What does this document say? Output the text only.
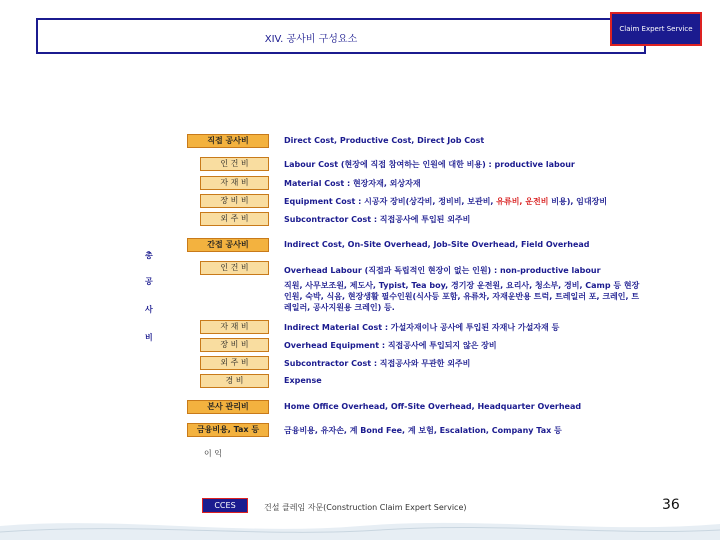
XIV. 공사비 구성요소
Claim Expert Service
총
공
사
비
직접 공사비	Direct Cost, Productive Cost, Direct Job Cost
인 건 비	Labour Cost (현장에 직접 참여하는 인원에 대한 비용) : productive labour
자 재 비	Material Cost : 현장자재, 외상자재
장 비 비	Equipment Cost : 시공자 장비(상각비, 정비비, 보관비, 유류비, 운전비 비용), 임대장비
외 주 비	Subcontractor Cost : 직접공사에 투입된 외주비
간접 공사비	Indirect Cost, On-Site Overhead, Job-Site Overhead, Field Overhead
인 건 비	Overhead Labour (직접과 독립적인 현장이 없는 인원) : non-productive labour
직원, 사무보조원, 제도사, Typist, Tea boy, 경기장 운전원, 요리사, 청소부, 경비, Camp 등 현장인원, 숙박, 식음, 현장생활 필수인원(식사등 포함, 유류차, 자재운반용 트럭, 트레일러 포, 크레인, 트레일러, 공사지원용 크레인) 등.
자 재 비	Indirect Material Cost : 가설자재이나 공사에 투입된 자재나 가설자재 등
장 비 비	Overhead Equipment : 직접공사에 투입되지 않은 장비
외 주 비	Subcontractor Cost : 직접공사와 무관한 외주비
경 비	Expense
본사 관리비	Home Office Overhead, Off-Site Overhead, Headquarter Overhead
금융비용, Tax 등	금융비용, 유자손, 계 Bond Fee, 계 보험, Escalation, Company Tax 등
이 익
CCES	건설 클레임 자문(Construction Claim Expert Service)	36
